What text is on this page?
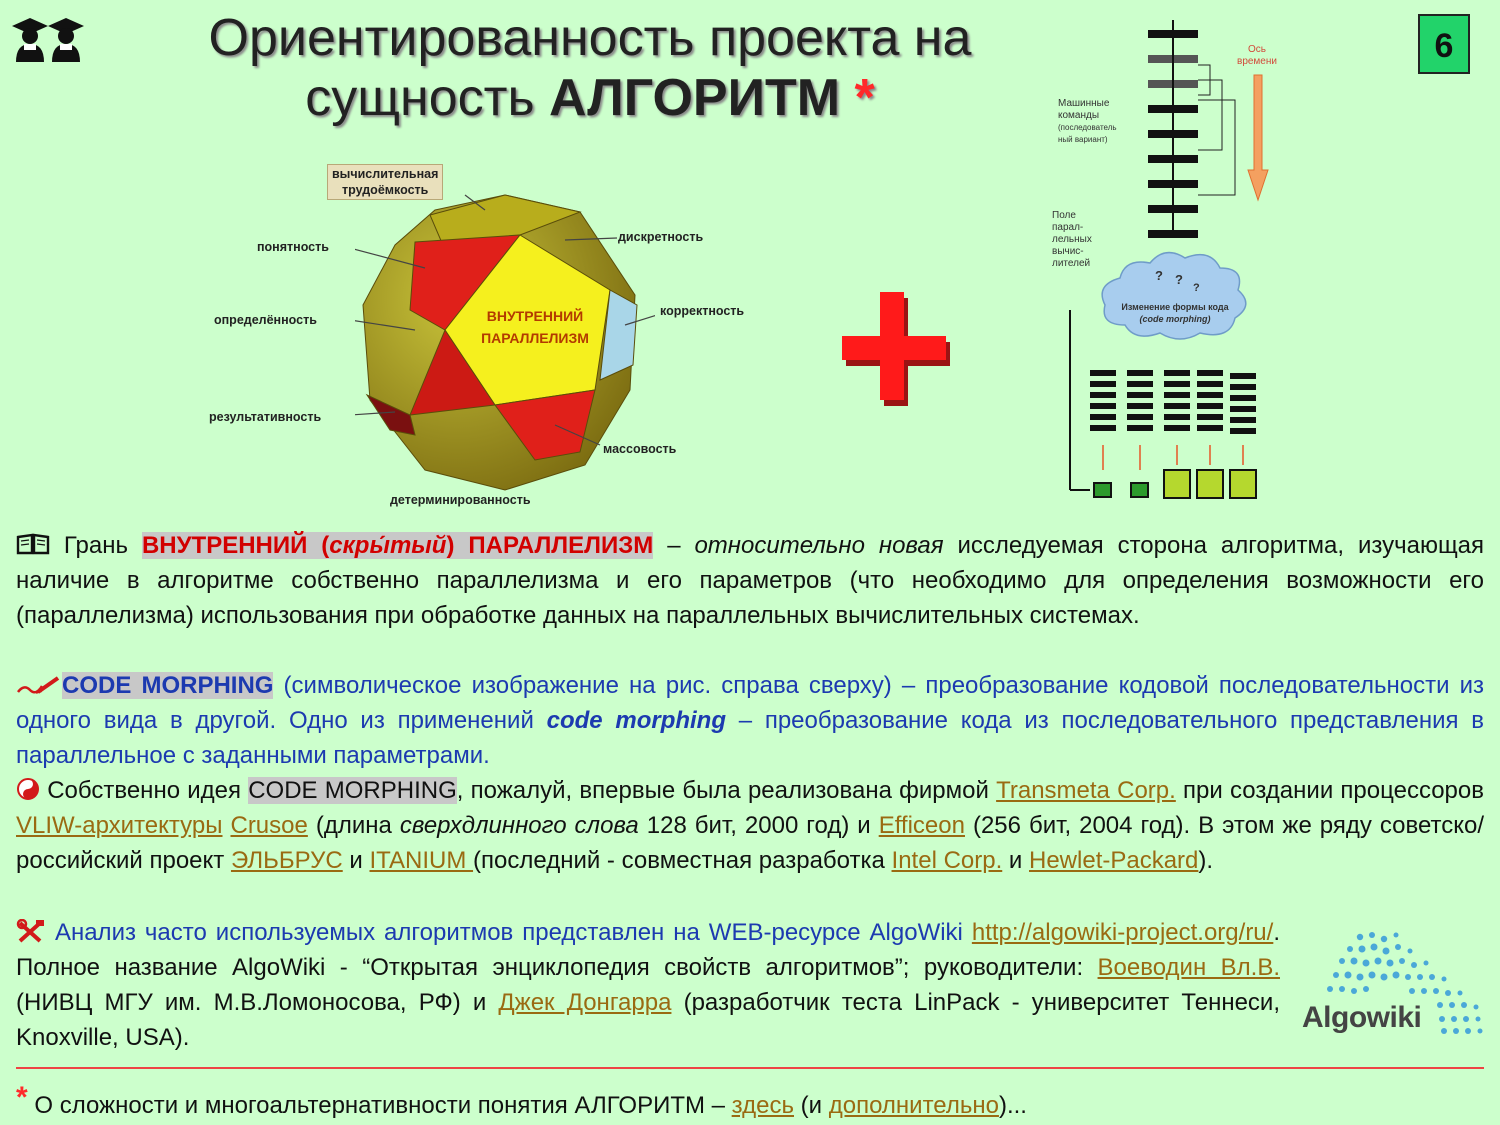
Ориентированность проекта на
сущность АЛГОРИТМ *
6
вычислительная
трудоёмкость
понятность
дискретность
определённость
корректность
результативность
массовость
детерминированность
ВНУТРЕННИЙ
ПАРАЛЛЕЛИЗМ
Ось
времени
Машинные
команды
(последователь
ный вариант)
Поле
парал-
лельных
вычис-
лителей
? ?
?
Изменение формы кода
(code morphing)
Грань ВНУТРЕННИЙ (скры́тый) ПАРАЛЛЕЛИЗМ – относительно новая исследуемая сторона алгоритма, изучающая наличие в алгоритме собственно параллелизма и его параметров (что необходимо для определения возможности его (параллелизма) использования при обработке данных на параллельных вычислительных системах.
CODE MORPHING (символическое изображение на рис. справа сверху) – преобразование кодовой последовательности из одного вида в другой. Одно из применений code morphing – преобразование кода из последовательного представления в параллельное с заданными параметрами.
Собственно идея CODE MORPHING, пожалуй, впервые была реализована фирмой Transmeta Corp. при создании процессоров VLIW-архитектуры Crusoe (длина сверхдлинного слова 128 бит, 2000 год) и Efficeon (256 бит, 2004 год). В этом же ряду советско/российский проект ЭЛЬБРУС и ITANIUM (последний - совместная разработка Intel Corp. и Hewlet-Packard).
Анализ часто используемых алгоритмов представлен на WEB-ресурсе AlgoWiki http://algowiki-project.org/ru/. Полное название AlgoWiki - “Открытая энциклопедия свойств алгоритмов”; руководители: Воеводин Вл.В. (НИВЦ МГУ им. М.В.Ломоносова, РФ) и Джек Донгарра (разработчик теста LinPack - университет Теннеси, Knoxville, USA).
Algowiki
* О сложности и многоальтернативности понятия АЛГОРИТМ – здесь (и дополнительно)...
